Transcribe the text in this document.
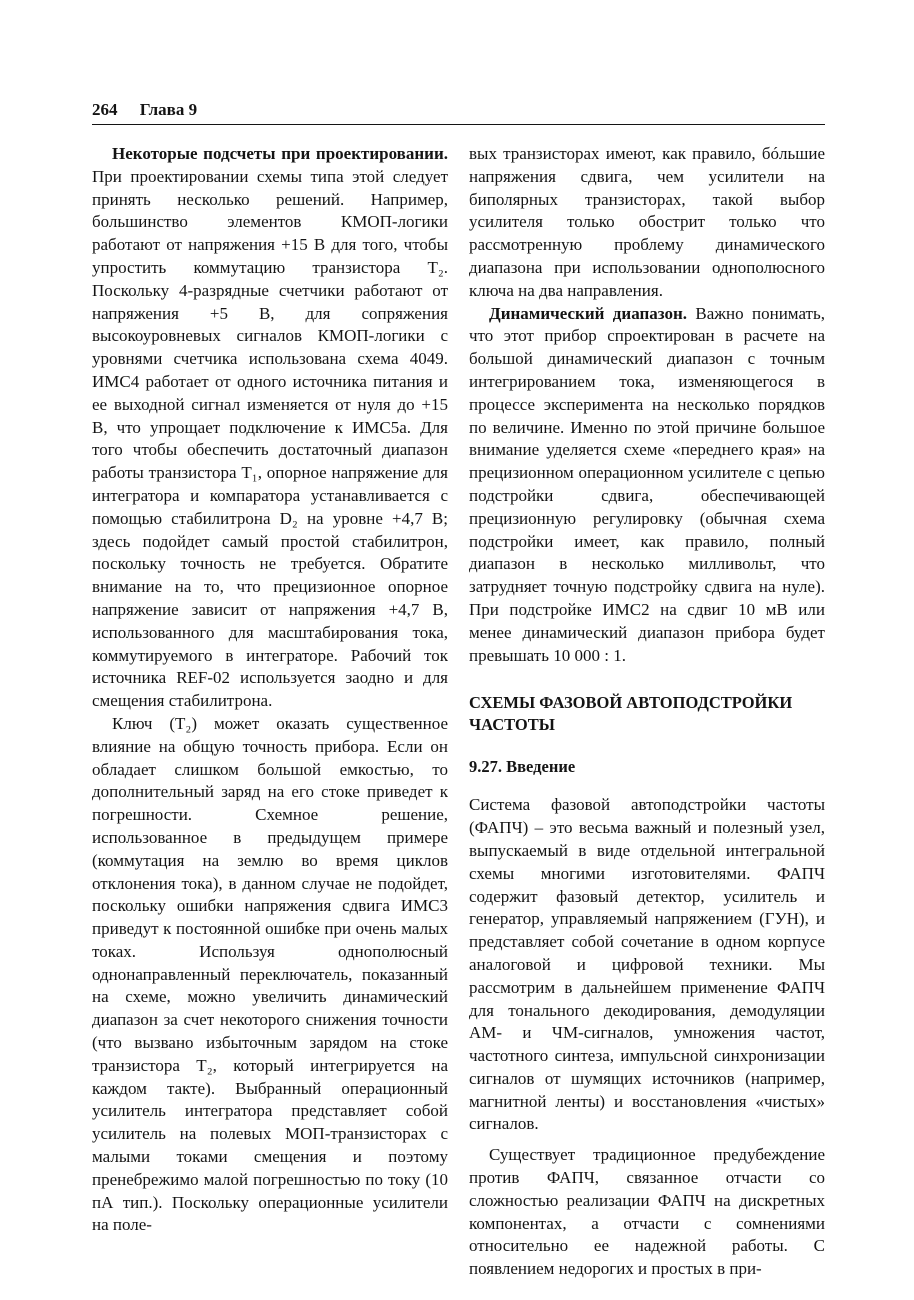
264 Глава 9

Некоторые подсчеты при проектировании. При проектировании схемы типа этой следует принять несколько решений. Например, большинство элементов КМОП-логики работают от напряжения +15 В для того, чтобы упростить коммутацию транзистора T₂. Поскольку 4-разрядные счетчики работают от напряжения +5 В, для сопряжения высокоуровневых сигналов КМОП-логики с уровнями счетчика использована схема 4049. ИМС4 работает от одного источника питания и ее выходной сигнал изменяется от нуля до +15 В, что упрощает подключение к ИМС5а. Для того чтобы обеспечить достаточный диапазон работы транзистора T₁, опорное напряжение для интегратора и компаратора устанавливается с помощью стабилитрона D₂ на уровне +4,7 В; здесь подойдет самый простой стабилитрон, поскольку точность не требуется. Обратите внимание на то, что прецизионное опорное напряжение зависит от напряжения +4,7 В, использованного для масштабирования тока, коммутируемого в интеграторе. Рабочий ток источника REF-02 используется заодно и для смещения стабилитрона.

Ключ (T₂) может оказать существенное влияние на общую точность прибора. Если он обладает слишком большой емкостью, то дополнительный заряд на его стоке приведет к погрешности. Схемное решение, использованное в предыдущем примере (коммутация на землю во время циклов отклонения тока), в данном случае не подойдет, поскольку ошибки напряжения сдвига ИМС3 приведут к постоянной ошибке при очень малых токах. Используя однополюсный однонаправленный переключатель, показанный на схеме, можно увеличить динамический диапазон за счет некоторого снижения точности (что вызвано избыточным зарядом на стоке транзистора T₂, который интегрируется на каждом такте). Выбранный операционный усилитель интегратора представляет собой усилитель на полевых МОП-транзисторах с малыми токами смещения и поэтому пренебрежимо малой погрешностью по току (10 пА тип.). Поскольку операционные усилители на поле-

вых транзисторах имеют, как правило, бóльшие напряжения сдвига, чем усилители на биполярных транзисторах, такой выбор усилителя только обострит только что рассмотренную проблему динамического диапазона при использовании однополюсного ключа на два направления.

Динамический диапазон. Важно понимать, что этот прибор спроектирован в расчете на большой динамический диапазон с точным интегрированием тока, изменяющегося в процессе эксперимента на несколько порядков по величине. Именно по этой причине большое внимание уделяется схеме «переднего края» на прецизионном операционном усилителе с цепью подстройки сдвига, обеспечивающей прецизионную регулировку (обычная схема подстройки имеет, как правило, полный диапазон в несколько милливольт, что затрудняет точную подстройку сдвига на нуле). При подстройке ИМС2 на сдвиг 10 мВ или менее динамический диапазон прибора будет превышать 10 000 : 1.

СХЕМЫ ФАЗОВОЙ АВТОПОДСТРОЙКИ ЧАСТОТЫ
9.27. Введение

Система фазовой автоподстройки частоты (ФАПЧ) – это весьма важный и полезный узел, выпускаемый в виде отдельной интегральной схемы многими изготовителями. ФАПЧ содержит фазовый детектор, усилитель и генератор, управляемый напряжением (ГУН), и представляет собой сочетание в одном корпусе аналоговой и цифровой техники. Мы рассмотрим в дальнейшем применение ФАПЧ для тонального декодирования, демодуляции АМ- и ЧМ-сигналов, умножения частот, частотного синтеза, импульсной синхронизации сигналов от шумящих источников (например, магнитной ленты) и восстановления «чистых» сигналов.

Существует традиционное предубеждение против ФАПЧ, связанное отчасти со сложностью реализации ФАПЧ на дискретных компонентах, а отчасти с сомнениями относительно ее надежной работы. С появлением недорогих и простых в при-
